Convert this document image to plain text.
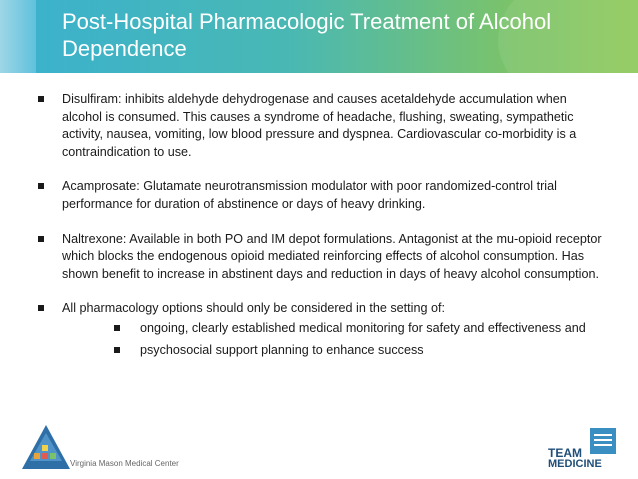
Post-Hospital Pharmacologic Treatment of Alcohol Dependence
Disulfiram: inhibits aldehyde dehydrogenase and causes acetaldehyde accumulation when alcohol is consumed. This causes a syndrome of headache, flushing, sweating, sympathetic activity, nausea, vomiting, low blood pressure and dyspnea. Cardiovascular co-morbidity is a contraindication to use.
Acamprosate: Glutamate neurotransmission modulator with poor randomized-control trial performance for duration of abstinence or days of heavy drinking.
Naltrexone: Available in both PO and IM depot formulations. Antagonist at the mu-opioid receptor which blocks the endogenous opioid mediated reinforcing effects of alcohol consumption. Has shown benefit to increase in abstinent days and reduction in days of heavy alcohol consumption.
All pharmacology options should only be considered in the setting of:
ongoing, clearly established medical monitoring for safety and effectiveness and
psychosocial support planning to enhance success
Virginia Mason Medical Center
TEAM
MEDICINE
